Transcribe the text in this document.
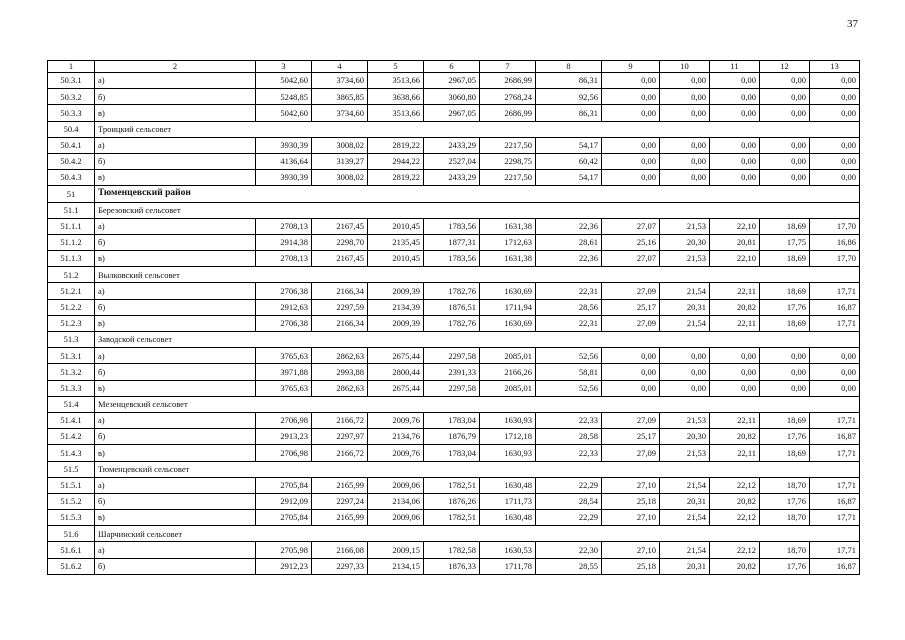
37
1	2	3	4	5	6	7	8	9	10	11	12	13
50.3.1	а)	5042,60	3734,60	3513,66	2967,05	2686,99	86,31	0,00	0,00	0,00	0,00	0,00
50.3.2	б)	5248,85	3865,85	3638,66	3060,80	2768,24	92,56	0,00	0,00	0,00	0,00	0,00
50.3.3	в)	5042,60	3734,60	3513,66	2967,05	2686,99	86,31	0,00	0,00	0,00	0,00	0,00
50.4	Троицкий сельсовет											
50.4.1	а)	3930,39	3008,02	2819,22	2433,29	2217,50	54,17	0,00	0,00	0,00	0,00	0,00
50.4.2	б)	4136,64	3139,27	2944,22	2527,04	2298,75	60,42	0,00	0,00	0,00	0,00	0,00
50.4.3	в)	3930,39	3008,02	2819,22	2433,29	2217,50	54,17	0,00	0,00	0,00	0,00	0,00
51	Тюменцевский район											
51.1	Березовский сельсовет											
51.1.1	а)	2708,13	2167,45	2010,45	1783,56	1631,38	22,36	27,07	21,53	22,10	18,69	17,70
51.1.2	б)	2914,38	2298,70	2135,45	1877,31	1712,63	28,61	25,16	20,30	20,81	17,75	16,86
51.1.3	в)	2708,13	2167,45	2010,45	1783,56	1631,38	22,36	27,07	21,53	22,10	18,69	17,70
51.2	Вылковский сельсовет											
51.2.1	а)	2706,38	2166,34	2009,39	1782,76	1630,69	22,31	27,09	21,54	22,11	18,69	17,71
51.2.2	б)	2912,63	2297,59	2134,39	1876,51	1711,94	28,56	25,17	20,31	20,82	17,76	16,87
51.2.3	в)	2706,38	2166,34	2009,39	1782,76	1630,69	22,31	27,09	21,54	22,11	18,69	17,71
51.3	Заводской сельсовет											
51.3.1	а)	3765,63	2862,63	2675,44	2297,58	2085,01	52,56	0,00	0,00	0,00	0,00	0,00
51.3.2	б)	3971,88	2993,88	2800,44	2391,33	2166,26	58,81	0,00	0,00	0,00	0,00	0,00
51.3.3	в)	3765,63	2862,63	2675,44	2297,58	2085,01	52,56	0,00	0,00	0,00	0,00	0,00
51.4	Мезенцевский сельсовет											
51.4.1	а)	2706,98	2166,72	2009,76	1783,04	1630,93	22,33	27,09	21,53	22,11	18,69	17,71
51.4.2	б)	2913,23	2297,97	2134,76	1876,79	1712,18	28,58	25,17	20,30	20,82	17,76	16,87
51.4.3	в)	2706,98	2166,72	2009,76	1783,04	1630,93	22,33	27,09	21,53	22,11	18,69	17,71
51.5	Тюменцевский сельсовет											
51.5.1	а)	2705,84	2165,99	2009,06	1782,51	1630,48	22,29	27,10	21,54	22,12	18,70	17,71
51.5.2	б)	2912,09	2297,24	2134,06	1876,26	1711,73	28,54	25,18	20,31	20,82	17,76	16,87
51.5.3	в)	2705,84	2165,99	2009,06	1782,51	1630,48	22,29	27,10	21,54	22,12	18,70	17,71
51.6	Шарчинский сельсовет											
51.6.1	а)	2705,98	2166,08	2009,15	1782,58	1630,53	22,30	27,10	21,54	22,12	18,70	17,71
51.6.2	б)	2912,23	2297,33	2134,15	1876,33	1711,78	28,55	25,18	20,31	20,82	17,76	16,87
